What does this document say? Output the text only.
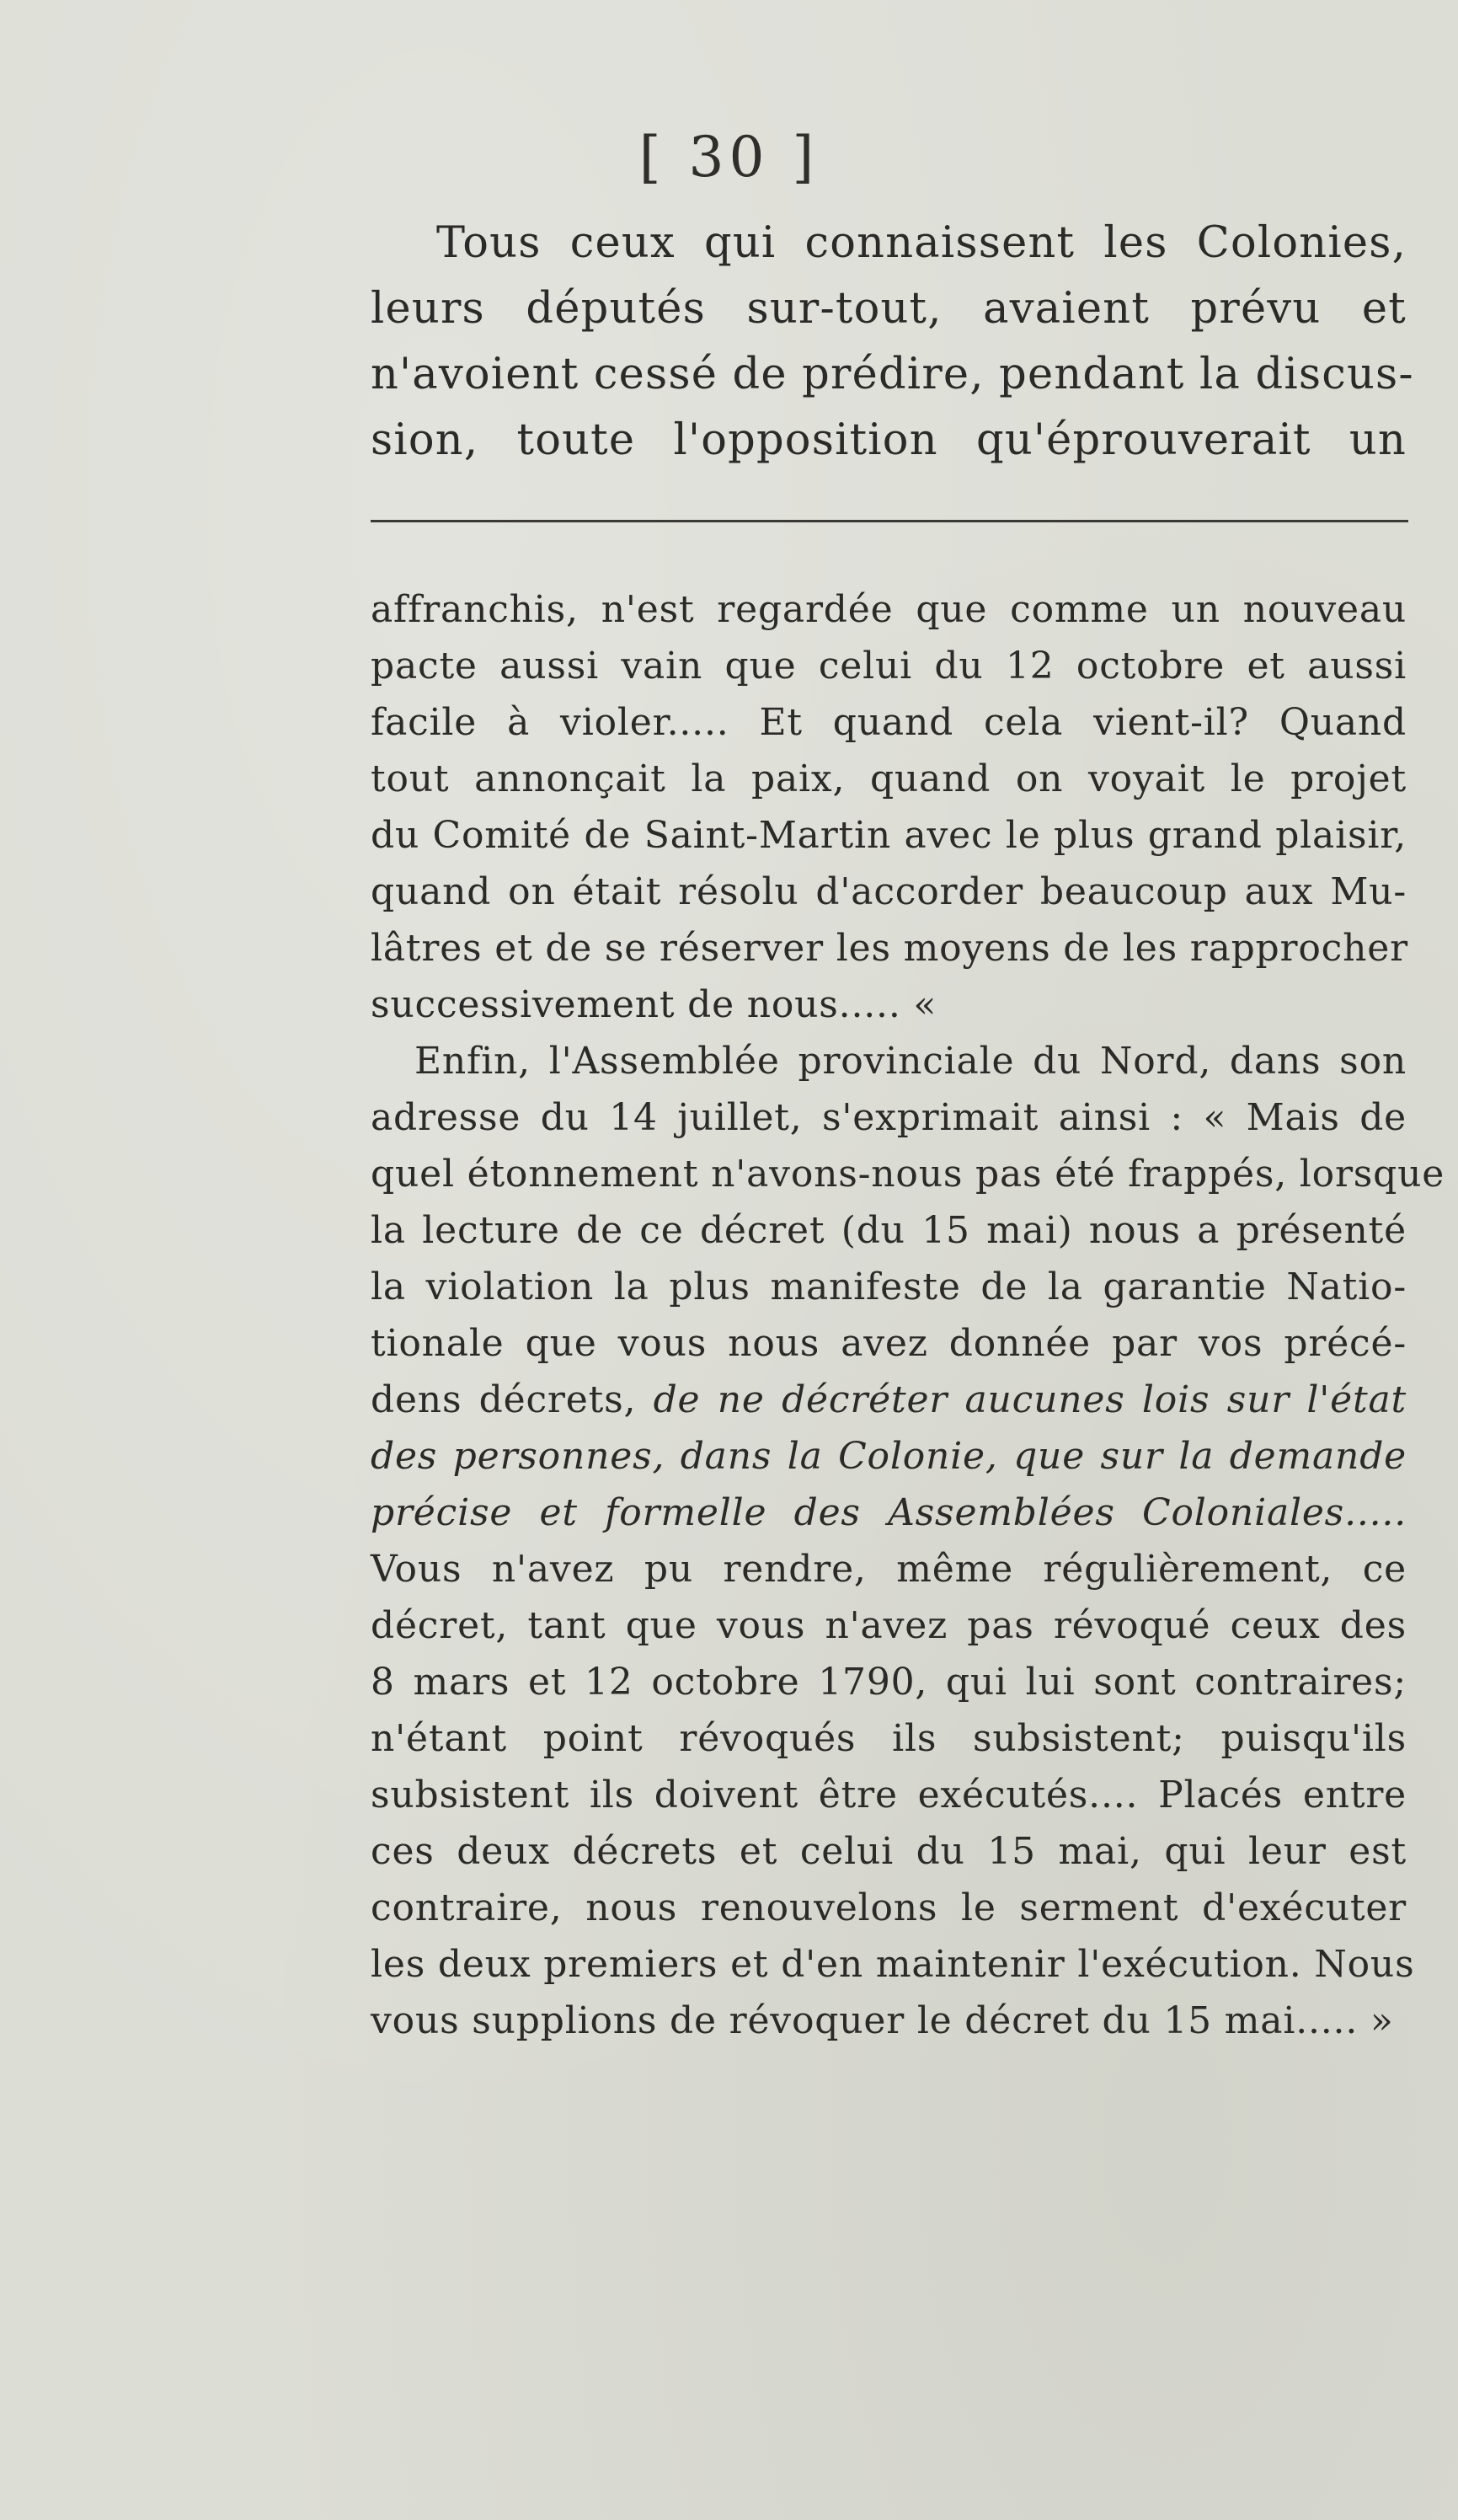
[ 30 ]
Tous ceux qui connaissent les Colonies,
leurs députés sur-tout, avaient prévu et
n'avoient cessé de prédire, pendant la discus-
sion, toute l'opposition qu'éprouverait un
affranchis, n'est regardée que comme un nouveau
pacte aussi vain que celui du 12 octobre et aussi
facile à violer..... Et quand cela vient-il? Quand
tout annonçait la paix, quand on voyait le projet
du Comité de Saint-Martin avec le plus grand plaisir,
quand on était résolu d'accorder beaucoup aux Mu-
lâtres et de se réserver les moyens de les rapprocher
successivement de nous..... «
Enfin, l'Assemblée provinciale du Nord, dans son
adresse du 14 juillet, s'exprimait ainsi : « Mais de
quel étonnement n'avons-nous pas été frappés, lorsque
la lecture de ce décret (du 15 mai) nous a présenté
la violation la plus manifeste de la garantie Natio-
tionale que vous nous avez donnée par vos précé-
dens décrets, de ne décréter aucunes lois sur l'état
des personnes, dans la Colonie, que sur la demande
précise et formelle des Assemblées Coloniales.....
Vous n'avez pu rendre, même régulièrement, ce
décret, tant que vous n'avez pas révoqué ceux des
8 mars et 12 octobre 1790, qui lui sont contraires;
n'étant point révoqués ils subsistent; puisqu'ils
subsistent ils doivent être exécutés.... Placés entre
ces deux décrets et celui du 15 mai, qui leur est
contraire, nous renouvelons le serment d'exécuter
les deux premiers et d'en maintenir l'exécution. Nous
vous supplions de révoquer le décret du 15 mai..... »
